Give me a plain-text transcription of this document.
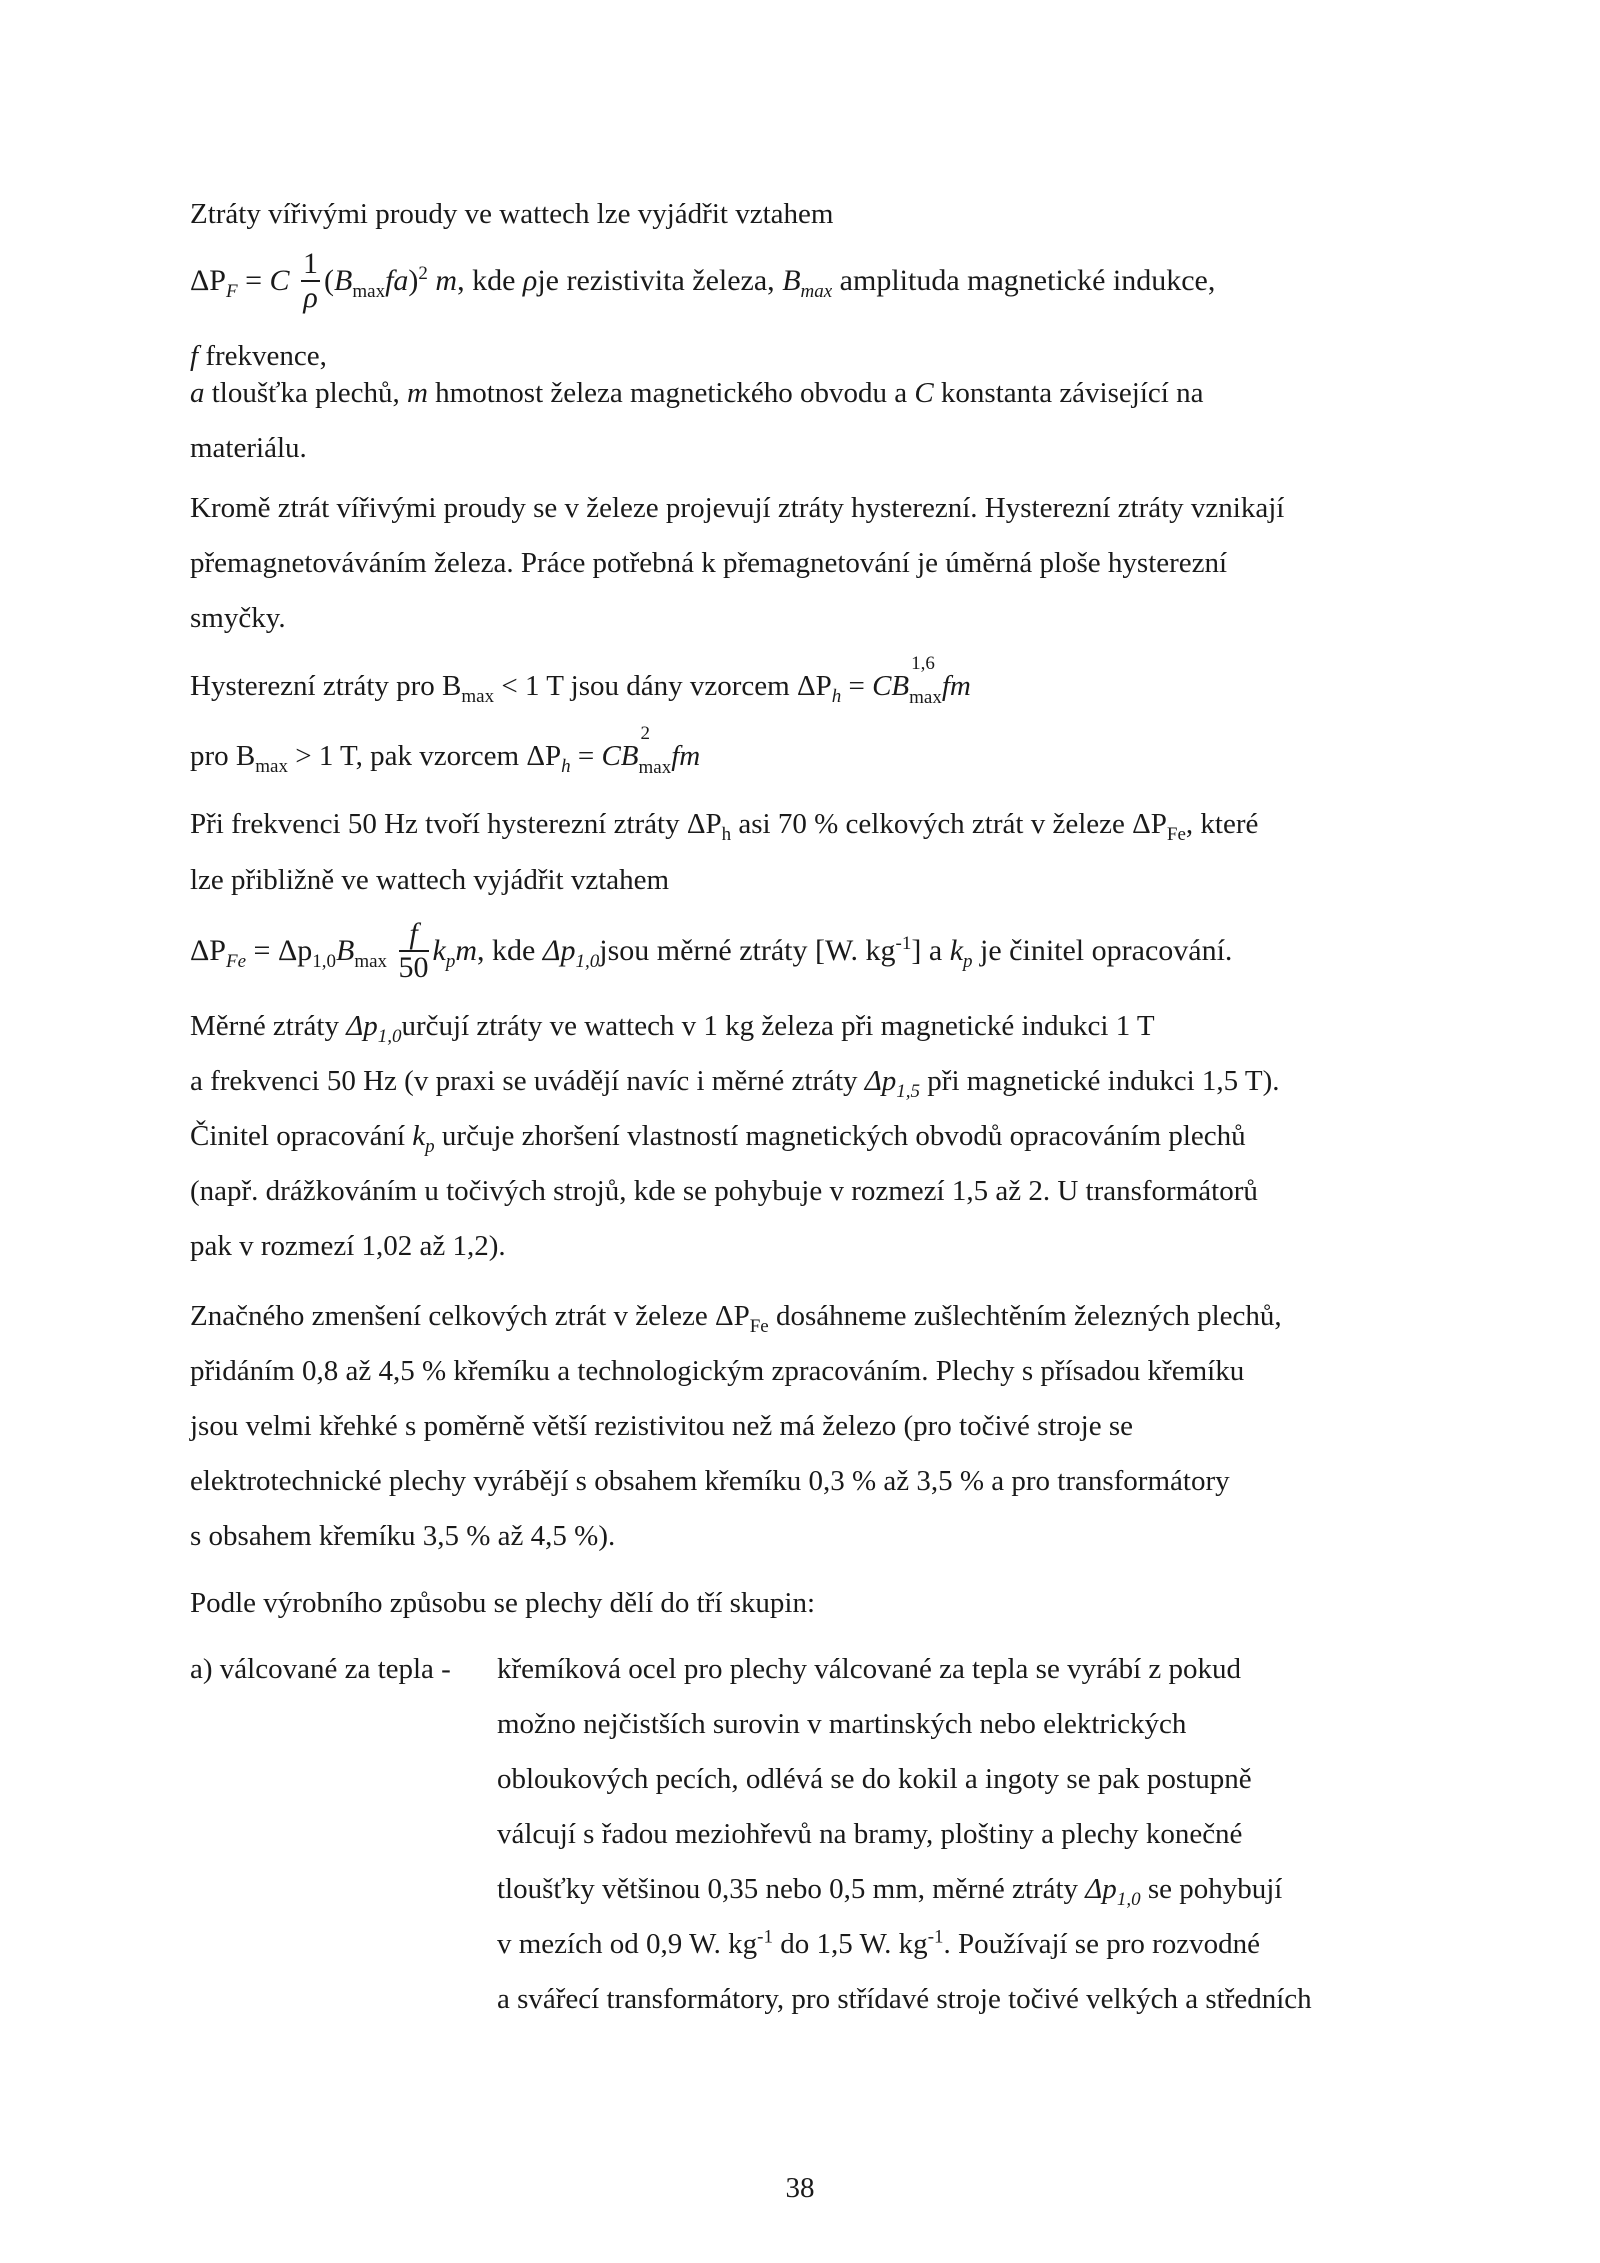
Ztráty vířivými proudy ve wattech lze vyjádřit vztahem
$\Delta P_F = C \frac{1}{\rho} (B_{max}fa)^2$ m, kde ρje rezistivita železa, $B_{max}$ amplituda magnetické indukce,
f frekvence,
a tloušťka plechů, m hmotnost železa magnetického obvodu a C konstanta závisející na
materiálu.
Kromě ztrát vířivými proudy se v železe projevují ztráty hysterezní. Hysterezní ztráty vznikají
přemagnetováváním železa. Práce potřebná k přemagnetování je úměrná ploše hysterezní
smyčky.
Hysterezní ztráty pro $B_{max} < 1$ T jsou dány vzorcem $\Delta P_h$ = CB
1,6
$_{max}$fm
pro $B_{max} > 1$ T, pak vzorcem $\Delta P_h$ = CB
2
$_{max}$fm
Při frekvenci 50 Hz tvoří hysterezní ztráty $\Delta P_h$ asi 70 % celkových ztrát v železe $\Delta P_{Fe}$, které
lze přibližně ve wattech vyjádřit vztahem
$\Delta P_{Fe} = \Delta p_{1,0}B_{max} \frac{f}{50} k_pm$, kde $\Delta p_{1,0}jsou$ měrné ztráty [W. $kg^{-1}$] a $k_p$ je činitel opracování.
Měrné ztráty $\Delta p_{1,0}určují$ ztráty ve wattech v 1 kg železa při magnetické indukci 1 T
a frekvenci 50 Hz (v praxi se uvádějí navíc i měrné ztráty $\Delta p_{1,5}$ při magnetické indukci 1,5 T).
Činitel opracování $k_p$ určuje zhoršení vlastností magnetických obvodů opracováním plechů
(např. drážkováním u točivých strojů, kde se pohybuje v rozmezí 1,5 až 2. U transformátorů
pak v rozmezí 1,02 až 1,2).
Značného zmenšení celkových ztrát v železe $\Delta P_{Fe}$ dosáhneme zušlechtěním železných plechů,
přidáním 0,8 až 4,5 % křemíku a technologickým zpracováním. Plechy s přísadou křemíku
jsou velmi křehké s poměrně větší rezistivitou než má železo (pro točivé stroje se
elektrotechnické plechy vyrábějí s obsahem křemíku 0,3 % až 3,5 % a pro transformátory
s obsahem křemíku 3,5 % až 4,5 %).
Podle výrobního způsobu se plechy dělí do tří skupin:
a) válcované za tepla - křemíková ocel pro plechy válcované za tepla se vyrábí z pokud
možno nejčistších surovin v martinských nebo elektrických
obloukových pecích, odlévá se do kokil a ingoty se pak postupně
válcují s řadou meziohřevů na bramy, ploštiny a plechy konečné
tloušťky většinou 0,35 nebo 0,5 mm, měrné ztráty $\Delta p_{1,0}$ se pohybují
v mezích od 0,9 W. $kg^{-1}$ do 1,5 W. $kg^{-1}$. Používají se pro rozvodné
a svářecí transformátory, pro střídavé stroje točivé velkých a středních
38
